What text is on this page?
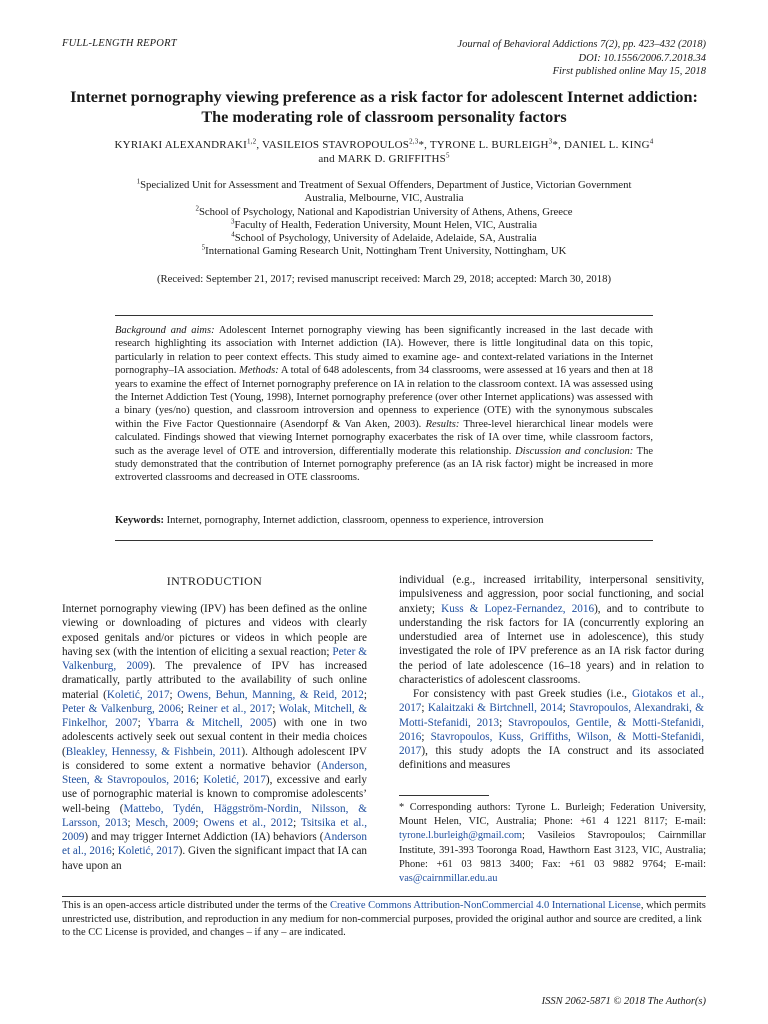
FULL-LENGTH REPORT	Journal of Behavioral Addictions 7(2), pp. 423–432 (2018)
DOI: 10.1556/2006.7.2018.34
First published online May 15, 2018
Internet pornography viewing preference as a risk factor for adolescent Internet addiction: The moderating role of classroom personality factors
KYRIAKI ALEXANDRAKI$^{1,2}$, VASILEIOS STAVROPOULOS$^{2,3}$*, TYRONE L. BURLEIGH$^3$*, DANIEL L. KING$^4$
and MARK D. GRIFFITHS$^5$
$^1$Specialized Unit for Assessment and Treatment of Sexual Offenders, Department of Justice, Victorian Government
Australia, Melbourne, VIC, Australia
$^2$School of Psychology, National and Kapodistrian University of Athens, Athens, Greece
$^3$Faculty of Health, Federation University, Mount Helen, VIC, Australia
$^4$School of Psychology, University of Adelaide, Adelaide, SA, Australia
$^5$International Gaming Research Unit, Nottingham Trent University, Nottingham, UK
(Received: September 21, 2017; revised manuscript received: March 29, 2018; accepted: March 30, 2018)
Background and aims: Adolescent Internet pornography viewing has been significantly increased in the last decade with research highlighting its association with Internet addiction (IA). However, there is little longitudinal data on this topic, particularly in relation to peer context effects. This study aimed to examine age- and context-related variations in the Internet pornography–IA association. Methods: A total of 648 adolescents, from 34 classrooms, were assessed at 16 years and then at 18 years to examine the effect of Internet pornography preference on IA in relation to the classroom context. IA was assessed using the Internet Addiction Test (Young, 1998), Internet pornography preference (over other Internet applications) was assessed with a binary (yes/no) question, and classroom introversion and openness to experience (OTE) with the synonymous subscales within the Five Factor Questionnaire (Asendorpf & Van Aken, 2003). Results: Three-level hierarchical linear models were calculated. Findings showed that viewing Internet pornography exacerbates the risk of IA over time, while classroom factors, such as the average level of OTE and introversion, differentially moderate this relationship. Discussion and conclusion: The study demonstrated that the contribution of Internet pornography preference (as an IA risk factor) might be increased in more extroverted classrooms and decreased in OTE classrooms.
Keywords: Internet, pornography, Internet addiction, classroom, openness to experience, introversion
INTRODUCTION

Internet pornography viewing (IPV) has been defined as the online viewing or downloading of pictures and videos with clearly exposed genitals and/or pictures or videos in which people are having sex (with the intention of eliciting a sexual reaction; Peter & Valkenburg, 2009). The prevalence of IPV has increased dramatically, partly attributed to the availability of such online material (Koletić, 2017; Owens, Behun, Manning, & Reid, 2012; Peter & Valkenburg, 2006; Reiner et al., 2017; Wolak, Mitchell, & Finkelhor, 2007; Ybarra & Mitchell, 2005) with one in two adolescents actively seek out sexual content in their media choices (Bleakley, Hennessy, & Fishbein, 2011). Although adolescent IPV is considered to some extent a normative behavior (Anderson, Steen, & Stavropoulos, 2016; Koletić, 2017), excessive and early use of pornographic material is known to compromise adolescents’ well-being (Mattebo, Tydén, Häggström-Nordin, Nilsson, & Larsson, 2013; Mesch, 2009; Owens et al., 2012; Tsitsika et al., 2009) and may trigger Internet Addiction (IA) behaviors (Anderson et al., 2016; Koletić, 2017). Given the significant impact that IA can have upon an

individual (e.g., increased irritability, interpersonal sensitivity, impulsiveness and aggression, poor social functioning, and social anxiety; Kuss & Lopez-Fernandez, 2016), and to contribute to understanding the risk factors for IA (concurrently exploring an understudied area of Internet use in adolescence), this study investigated the role of IPV preference as an IA risk factor during the period of late adolescence (16–18 years) and in relation to characteristics of adolescent classrooms.

For consistency with past Greek studies (i.e., Giotakos et al., 2017; Kalaitzaki & Birtchnell, 2014; Stavropoulos, Alexandraki, & Motti-Stefanidi, 2013; Stavropoulos, Gentile, & Motti-Stefanidi, 2016; Stavropoulos, Kuss, Griffiths, Wilson, & Motti-Stefanidi, 2017), this study adopts the IA construct and its associated definitions and measures

* Corresponding authors: Tyrone L. Burleigh; Federation University, Mount Helen, VIC, Australia; Phone: +61 4 1221 8117; E-mail: tyrone.l.burleigh@gmail.com; Vasileios Stavropoulos; Cairnmillar Institute, 391-393 Tooronga Road, Hawthorn East 3123, VIC, Australia; Phone: +61 03 9813 3400; Fax: +61 03 9882 9764; E-mail: vas@cairnmillar.edu.au
This is an open-access article distributed under the terms of the Creative Commons Attribution-NonCommercial 4.0 International License, which permits unrestricted use, distribution, and reproduction in any medium for non-commercial purposes, provided the original author and source are credited, a link to the CC License is provided, and changes – if any – are indicated.
ISSN 2062-5871 © 2018 The Author(s)
